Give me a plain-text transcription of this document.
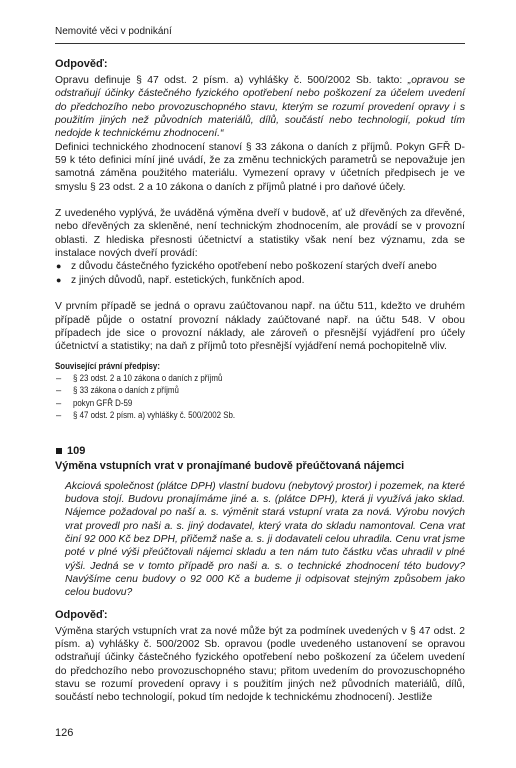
Nemovité věci v podnikání
Odpověď:

Opravu definuje § 47 odst. 2 písm. a) vyhlášky č. 500/2002 Sb. takto: „opravou se odstraňují účinky částečného fyzického opotřebení nebo poškození za účelem uvedení do předchozího nebo provozuschopného stavu, kterým se rozumí provedení opravy i s použitím jiných než původních materiálů, dílů, součástí nebo technologií, pokud tím nedojde k technickému zhodnocení.“

Definici technického zhodnocení stanoví § 33 zákona o daních z příjmů. Pokyn GFŘ D-59 k této definici míní jiné uvádí, že za změnu technických parametrů se nepovažuje jen samotná záměna použitého materiálu. Vymezení opravy v účetních předpisech je ve smyslu § 23 odst. 2 a 10 zákona o daních z příjmů platné i pro daňové účely.

Z uvedeného vyplývá, že uváděná výměna dveří v budově, ať už dřevěných za dřevěné, nebo dřevěných za skleněné, není technickým zhodnocením, ale provádí se v provozní oblasti. Z hlediska přesnosti účetnictví a statistiky však není bez významu, zda se instalace nových dveří provádí:

● z důvodu částečného fyzického opotřebení nebo poškození starých dveří anebo
● z jiných důvodů, např. estetických, funkčních apod.

V prvním případě se jedná o opravu zaúčtovanou např. na účtu 511, kdežto ve druhém případě půjde o ostatní provozní náklady zaúčtované např. na účtu 548. V obou případech jde sice o provozní náklady, ale zároveň o přesnější vyjádření pro účely účetnictví a statistiky; na daň z příjmů toto přesnější vyjádření nemá pochopitelně vliv.

Související právní předpisy:
– § 23 odst. 2 a 10 zákona o daních z příjmů
– § 33 zákona o daních z příjmů
– pokyn GFŘ D-59
– § 47 odst. 2 písm. a) vyhlášky č. 500/2002 Sb.
109
Výměna vstupních vrat v pronajímané budově přeúčtovaná nájemci

Akciová společnost (plátce DPH) vlastní budovu (nebytový prostor) i pozemek, na které budova stojí. Budovu pronajímáme jiné a. s. (plátce DPH), která ji využívá jako sklad. Nájemce požadoval po naší a. s. výměnit stará vstupní vrata za nová. Výrobu nových vrat provedl pro naši a. s. jiný dodavatel, který vrata do skladu namontoval. Cena vrat činí 92 000 Kč bez DPH, přičemž naše a. s. ji dodavateli celou uhradila. Cenu vrat jsme poté v plné výši přeúčtovali nájemci skladu a ten nám tuto částku včas uhradil v plné výši. Jedná se v tomto případě pro naši a. s. o technické zhodnocení této budovy? Navýšíme cenu budovy o 92 000 Kč a budeme ji odpisovat stejným způsobem jako celou budovu?

Odpověď:

Výměna starých vstupních vrat za nové může být za podmínek uvedených v § 47 odst. 2 písm. a) vyhlášky č. 500/2002 Sb. opravou (podle uvedeného ustanovení se opravou odstraňují účinky částečného fyzického opotřebení nebo poškození za účelem uvedení do předchozího nebo provozuschopného stavu; přitom uvedením do provozuschopného stavu se rozumí provedení opravy i s použitím jiných než původních materiálů, dílů, součástí nebo technologií, pokud tím nedojde k technickému zhodnocení). Jestliže

126
